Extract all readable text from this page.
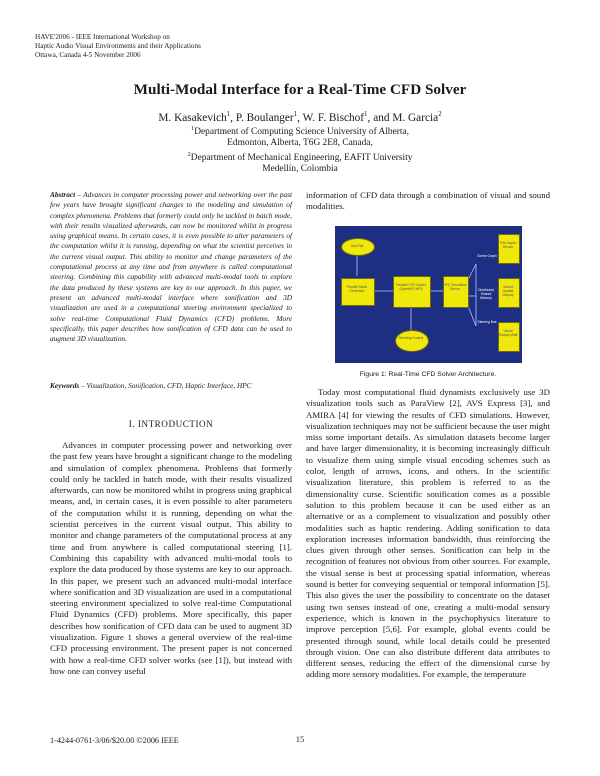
HAVE'2006 - IEEE International Workshop on
Haptic Audio Visual Environments and their Applications
Ottawa, Canada 4-5 November 2006
Multi-Modal Interface for a Real-Time CFD Solver
M. Kasakevich$^1$, P. Boulanger$^1$, W. F. Bischof$^1$, and M. Garcia$^2$
$^1$Department of Computing Science University of Alberta,
Edmonton, Alberta, T6G 2E8, Canada,
$^2$Department of Mechanical Engineering, EAFIT University
Medellín, Colombia
Abstract – Advances in computer processing power and networking over the past few years have brought significant changes to the modeling and simulation of complex phenomena. Problems that formerly could only be tackled in batch mode, with their results visualized afterwards, can now be monitored whilst in progress using graphical means. In certain cases, it is even possible to alter parameters of the computation whilst it is running, depending on what the scientist perceives in the current visual output. This ability to monitor and change parameters of the computational process at any time and from anywhere is called computational steering. Combining this capability with advanced multi-modal tools to explore the data produced by these systems are key to our approach. In this paper, we present an advanced multi-modal interface where sonification and 3D visualization are used in a computational steering environment specialized to solve real-time Computational Fluid Dynamics (CFD) problems. More specifically, this paper describes how sonification of CFD data can be used to augment 3D visualization.
Keywords – Visualization, Sonification, CFD, Haptic Interface, HPC
I. INTRODUCTION
Advances in computer processing power and networking over the past few years have brought a significant change to the modeling and simulation of complex phenomena. Problems that formerly could only be tackled in batch mode, with their results visualized afterwards, can now be monitored whilst in progress using graphical means, and, in certain cases, it is even possible to alter parameters of the computation whilst it is running, depending on what the scientist perceives in the current visual output. This ability to monitor and change parameters of the computational process at any time and from anywhere is called computational steering [1]. Combining this capability with advanced multi-modal tools to explore the data produced by those systems are key to our approach. In this paper, we present such an advanced multi-modal interface where sonification and 3D visualization are used in a computational steering environment specialized to solve real-time Computational Fluid Dynamics (CFD) problems. More specifically, this paper describes how sonification of CFD data can be used to augment 3D visualization. Figure 1 shows a general overview of the real-time CFD processing environment. The present paper is not concerned with how a real-time CFD solver works (see [1]), but instead with how one can convey useful
information of CFD data through a combination of visual and sound modalities.
Grid File
Parallel Mesh Generator
Parallel CFD Solver (OpenMP, MPI)
Steering Control
HPC Simulation Server
Scene Graph
Distributed Shared Memory
Steering Bus
Tele-Haptic Device
Sound Spatial Display
Visual Display Wall
Figure 1: Real-Time CFD Solver Architecture.
Today most computational fluid dynamists exclusively use 3D visualization tools such as ParaView [2], AVS Express [3], and AMIRA [4] for viewing the results of CFD simulations. However, visualization techniques may not be sufficient because the user might miss some important details. As simulation datasets become larger and have larger dimensionality, it is becoming increasingly difficult to visualize them using simple visual encoding schemes such as color, length of arrows, icons, and others. In the scientific visualization literature, this problem is referred to as the dimensionality curse. Scientific sonification comes as a possible solution to this problem because it can be used either as an alternative or as a complement to visualization and possibly other modalities such as haptic rendering. Adding sonification to data exploration increases information bandwidth, thus reinforcing the clues given through other senses. Sonification can help in the recognition of features not obvious from other sources. For example, the visual sense is best at processing spatial information, whereas sound is better for conveying sequential or temporal information [5]. This also gives the user the possibility to concentrate on the dataset using two senses instead of one, creating a multi-modal sensory experience, which is known in the psychophysics literature to improve perception [5,6]. For example, global events could be presented through sound, while local details could be presented through vision. One can also distribute different data attributes to different senses, reducing the effect of the dimensional curse by adding more sensory modalities. For example, the temperature
1-4244-0761-3/06/$20.00 ©2006 IEEE	15
